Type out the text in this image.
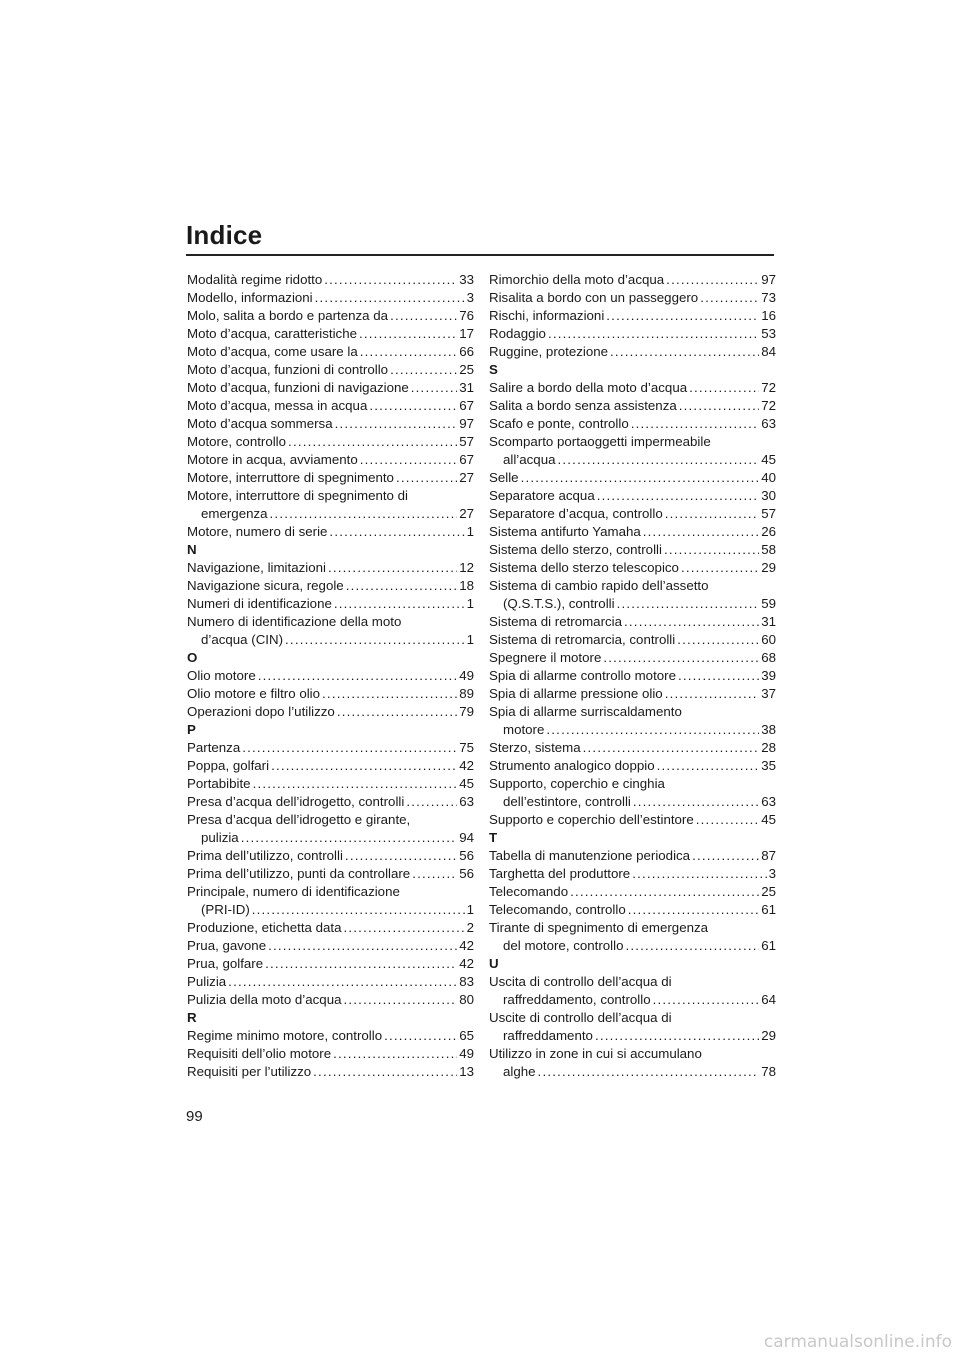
Indice
Modalità regime ridotto .....	33
Modello, informazioni .....	3
Molo, salita a bordo e partenza da .....	76
Moto d’acqua, caratteristiche .....	17
Moto d’acqua, come usare la .....	66
Moto d’acqua, funzioni di controllo .....	25
Moto d’acqua, funzioni di navigazione .....	31
Moto d’acqua, messa in acqua .....	67
Moto d’acqua sommersa .....	97
Motore, controllo .....	57
Motore in acqua, avviamento .....	67
Motore, interruttore di spegnimento .....	27
Motore, interruttore di spegnimento di
emergenza .....	27
Motore, numero di serie .....	1
N
Navigazione, limitazioni .....	12
Navigazione sicura, regole .....	18
Numeri di identificazione .....	1
Numero di identificazione della moto
d’acqua (CIN) .....	1
O
Olio motore .....	49
Olio motore e filtro olio .....	89
Operazioni dopo l’utilizzo .....	79
P
Partenza .....	75
Poppa, golfari .....	42
Portabibite .....	45
Presa d’acqua dell’idrogetto, controlli .....	63
Presa d’acqua dell’idrogetto e girante,
pulizia .....	94
Prima dell’utilizzo, controlli .....	56
Prima dell’utilizzo, punti da controllare .....	56
Principale, numero di identificazione
(PRI-ID) .....	1
Produzione, etichetta data .....	2
Prua, gavone .....	42
Prua, golfare .....	42
Pulizia .....	83
Pulizia della moto d’acqua .....	80
R
Regime minimo motore, controllo .....	65
Requisiti dell’olio motore .....	49
Requisiti per l’utilizzo .....	13
Rimorchio della moto d’acqua .....	97
Risalita a bordo con un passeggero .....	73
Rischi, informazioni .....	16
Rodaggio .....	53
Ruggine, protezione .....	84
S
Salire a bordo della moto d’acqua .....	72
Salita a bordo senza assistenza .....	72
Scafo e ponte, controllo .....	63
Scomparto portaoggetti impermeabile
all’acqua .....	45
Selle .....	40
Separatore acqua .....	30
Separatore d’acqua, controllo .....	57
Sistema antifurto Yamaha .....	26
Sistema dello sterzo, controlli .....	58
Sistema dello sterzo telescopico .....	29
Sistema di cambio rapido dell’assetto
(Q.S.T.S.), controlli .....	59
Sistema di retromarcia .....	31
Sistema di retromarcia, controlli .....	60
Spegnere il motore .....	68
Spia di allarme controllo motore .....	39
Spia di allarme pressione olio .....	37
Spia di allarme surriscaldamento
motore .....	38
Sterzo, sistema .....	28
Strumento analogico doppio .....	35
Supporto, coperchio e cinghia
dell’estintore, controlli .....	63
Supporto e coperchio dell’estintore .....	45
T
Tabella di manutenzione periodica .....	87
Targhetta del produttore .....	3
Telecomando .....	25
Telecomando, controllo .....	61
Tirante di spegnimento di emergenza
del motore, controllo .....	61
U
Uscita di controllo dell’acqua di
raffreddamento, controllo .....	64
Uscite di controllo dell’acqua di
raffreddamento .....	29
Utilizzo in zone in cui si accumulano
alghe .....	78
99
carmanualsonline.info
